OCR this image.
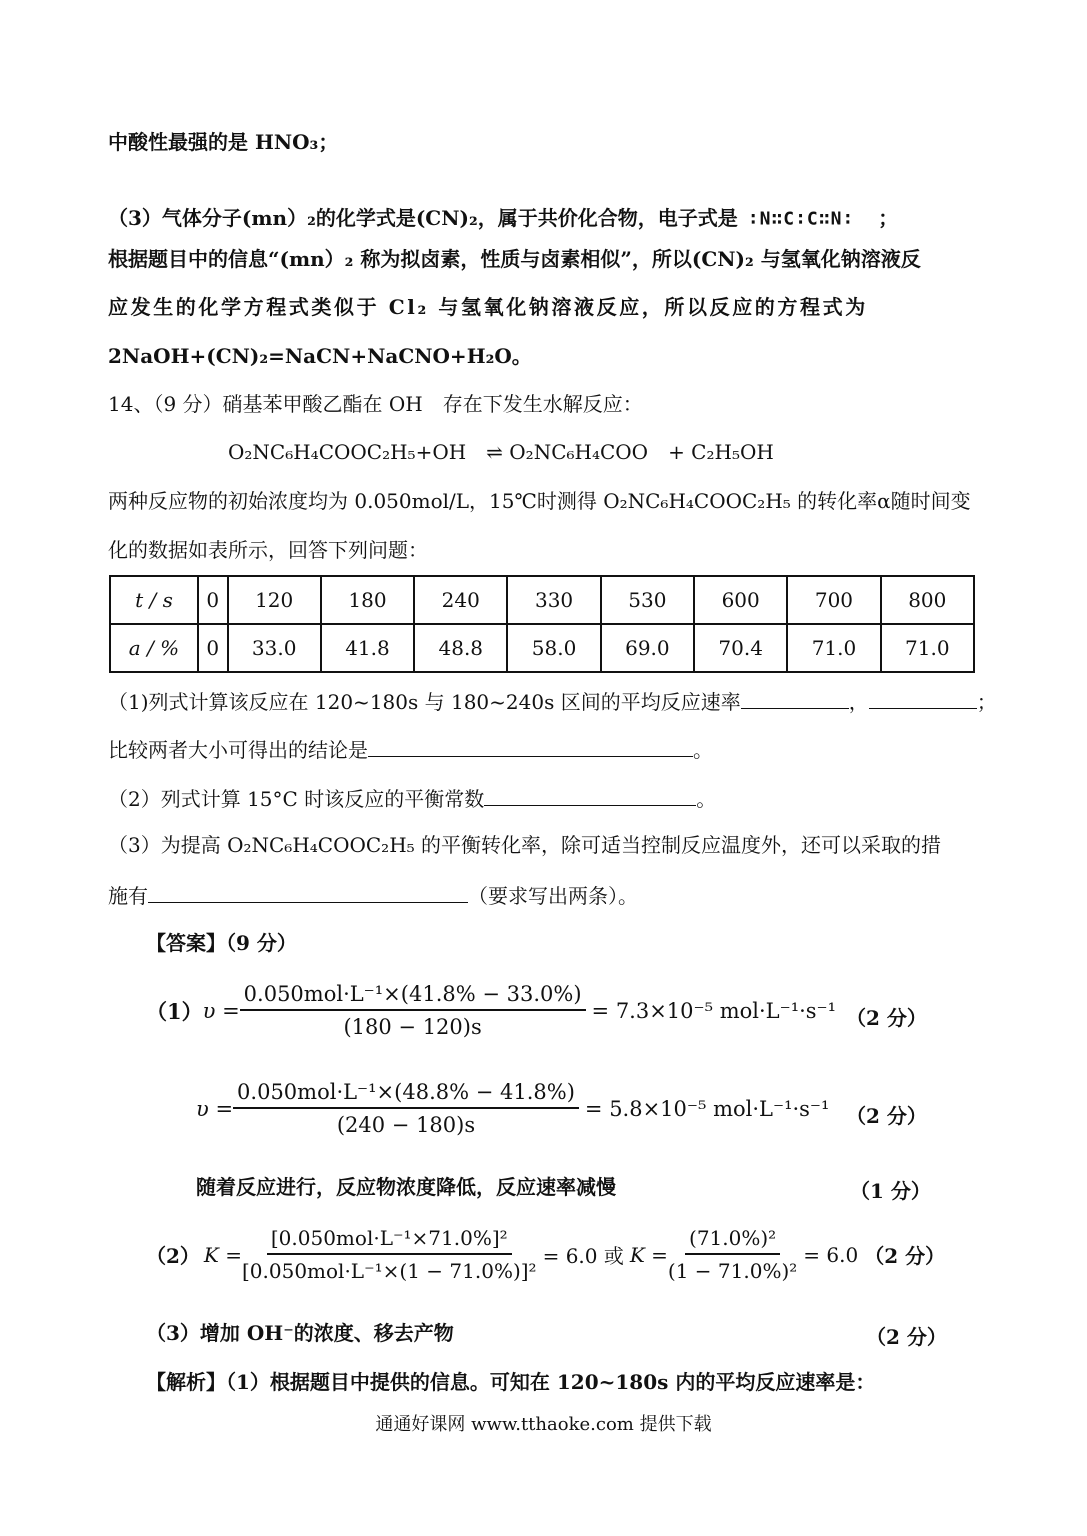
中酸性最强的是 HNO₃；
（3）气体分子(mn）₂的化学式是(CN)₂，属于共价化合物，电子式是 ∶N∷C∶C∷N∶ ；
根据题目中的信息“(mn）₂ 称为拟卤素，性质与卤素相似”，所以(CN)₂ 与氢氧化钠溶液反
应发生的化学方程式类似于 Cl₂ 与氢氧化钠溶液反应，所以反应的方程式为
2NaOH+(CN)₂=NaCN+NaCNO+H₂O。
14、（9 分）硝基苯甲酸乙酯在 OH　存在下发生水解反应：
O₂NC₆H₄COOC₂H₅+OH　⇌ O₂NC₆H₄COO　+ C₂H₅OH
两种反应物的初始浓度均为 0.050mol/L，15℃时测得 O₂NC₆H₄COOC₂H₅ 的转化率α随时间变
化的数据如表所示，回答下列问题：
t / s	0	120	180	240	330	530	600	700	800
a / %	0	33.0	41.8	48.8	58.0	69.0	70.4	71.0	71.0
（1)列式计算该反应在 120~180s 与 180~240s 区间的平均反应速率	，	；
比较两者大小可得出的结论是	。
（2）列式计算 15°C 时该反应的平衡常数	。
（3）为提高 O₂NC₆H₄COOC₂H₅ 的平衡转化率，除可适当控制反应温度外，还可以采取的措
施有	（要求写出两条）。
【答案】（9 分）
（1） $\upsilon = \frac{\text{0.050mol·L⁻¹×(41.8\% − 33.0\%)}}{(180 - 120)s} = 7.3\times 10^{-5}$ mol·L⁻¹·s⁻¹ （2 分）
$\upsilon = \frac{\text{0.050mol·L⁻¹×(48.8\% − 41.8\%)}}{(240 - 180)s} = 5.8\times 10^{-5}$ mol·L⁻¹·s⁻¹ （2 分）
随着反应进行，反应物浓度降低，反应速率减慢	（1 分）
（2） $K = \frac{\text{[0.050mol·L⁻¹×71.0\%]²}}{\text{[0.050mol·L⁻¹×(1 − 71.0\%)]²}} = 6.0$ 或 $K = \frac{\text{(71.0\%)²}}{\text{(1 − 71.0\%)²}} = 6.0$ （2 分）
（3）增加 OH⁻的浓度、移去产物	（2 分）
【解析】（1）根据题目中提供的信息。可知在 120~180s 内的平均反应速率是：
通通好课网 www.tthaoke.com 提供下载
